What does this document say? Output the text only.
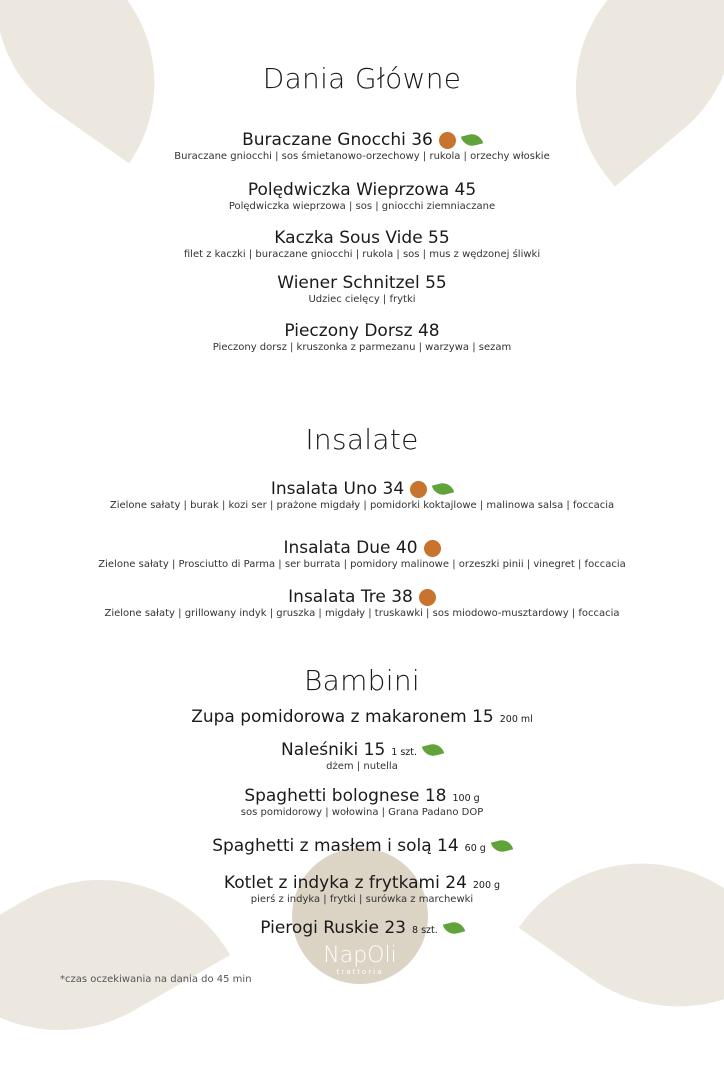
NapOli
trattoria
Dania Główne
Buraczane Gnocchi 36
Buraczane gniocchi | sos śmietanowo-orzechowy | rukola | orzechy włoskie
Polędwiczka Wieprzowa 45
Polędwiczka wieprzowa | sos | gniocchi ziemniaczane
Kaczka Sous Vide 55
filet z kaczki | buraczane gniocchi | rukola | sos | mus z wędzonej śliwki
Wiener Schnitzel 55
Udziec cielęcy | frytki
Pieczony Dorsz 48
Pieczony dorsz | kruszonka z parmezanu | warzywa | sezam
Insalate
Insalata Uno 34
Zielone sałaty | burak | kozi ser | prażone migdały | pomidorki koktajlowe | malinowa salsa | foccacia
Insalata Due 40
Zielone sałaty | Prosciutto di Parma | ser burrata | pomidory malinowe | orzeszki pinii | vinegret | foccacia
Insalata Tre 38
Zielone sałaty | grillowany indyk | gruszka | migdały | truskawki | sos miodowo-musztardowy | foccacia
Bambini
Zupa pomidorowa z makaronem 15 200 ml
Naleśniki 15 1 szt.
dżem | nutella
Spaghetti bolognese 18 100 g
sos pomidorowy | wołowina | Grana Padano DOP
Spaghetti z masłem i solą 14 60 g
Kotlet z indyka z frytkami 24 200 g
pierś z indyka | frytki | surówka z marchewki
Pierogi Ruskie 23 8 szt.
*czas oczekiwania na dania do 45 min
